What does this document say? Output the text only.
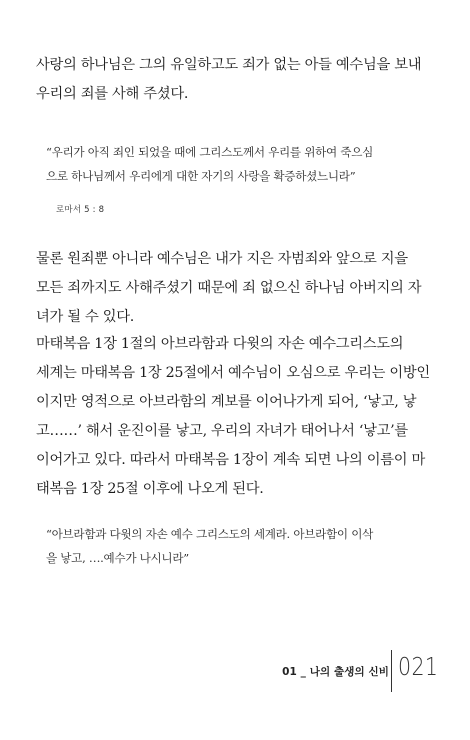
사랑의 하나님은 그의 유일하고도 죄가 없는 아들 예수님을 보내
우리의 죄를 사해 주셨다.
“우리가 아직 죄인 되었을 때에 그리스도께서 우리를 위하여 죽으심
으로 하나님께서 우리에게 대한 자기의 사랑을 확증하셨느니라”
로마서 5 : 8
물론 원죄뿐 아니라 예수님은 내가 지은 자범죄와 앞으로 지을
모든 죄까지도 사해주셨기 때문에 죄 없으신 하나님 아버지의 자
녀가 될 수 있다.
마태복음 1장 1절의 아브라함과 다윗의 자손 예수그리스도의
세계는 마태복음 1장 25절에서 예수님이 오심으로 우리는 이방인
이지만 영적으로 아브라함의 계보를 이어나가게 되어, ‘낳고, 낳
고……’ 해서 운진이를 낳고, 우리의 자녀가 태어나서 ‘낳고’를
이어가고 있다. 따라서 마태복음 1장이 계속 되면 나의 이름이 마
태복음 1장 25절 이후에 나오게 된다.
“아브라함과 다윗의 자손 예수 그리스도의 세계라. 아브라함이 이삭
을 낳고, ….예수가 나시니라”
01 _ 나의 출생의 신비 021
